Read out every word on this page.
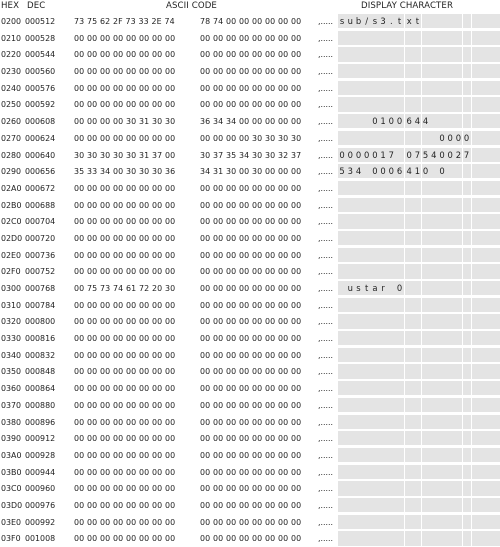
HEX DEC	ASCII CODE	DISPLAY CHARACTER
0200 000512	73 75 62 2F 73 33 2E 74	78 74 00 00 00 00 00 00	,..... s u b / s 3 . t x t
0210 000528	00 00 00 00 00 00 00 00	00 00 00 00 00 00 00 00	,.....
0220 000544	00 00 00 00 00 00 00 00	00 00 00 00 00 00 00 00	,.....
0230 000560	00 00 00 00 00 00 00 00	00 00 00 00 00 00 00 00	,.....
0240 000576	00 00 00 00 00 00 00 00	00 00 00 00 00 00 00 00	,.....
0250 000592	00 00 00 00 00 00 00 00	00 00 00 00 00 00 00 00	,.....
0260 000608	00 00 00 00 30 31 30 30	36 34 34 00 00 00 00 00	,.....	0 1 0 0 6 4 4
0270 000624	00 00 00 00 00 00 00 00	00 00 00 00 30 30 30 30	,.....	0 0 0 0
0280 000640	30 30 30 30 30 31 37 00	30 37 35 34 30 30 32 37	,..... 0 0 0 0 0 1 7 0 7 5 4 0 0 2 7
0290 000656	35 33 34 00 30 30 30 36	34 31 30 00 30 00 00 00	,..... 5 3 4 0 0 0 6 4 1 0 0
02A0 000672	00 00 00 00 00 00 00 00	00 00 00 00 00 00 00 00	,.....
02B0 000688	00 00 00 00 00 00 00 00	00 00 00 00 00 00 00 00	,.....
02C0 000704	00 00 00 00 00 00 00 00	00 00 00 00 00 00 00 00	,.....
02D0 000720	00 00 00 00 00 00 00 00	00 00 00 00 00 00 00 00	,.....
02E0 000736	00 00 00 00 00 00 00 00	00 00 00 00 00 00 00 00	,.....
02F0 000752	00 00 00 00 00 00 00 00	00 00 00 00 00 00 00 00	,.....
0300 000768	00 75 73 74 61 72 20 30	00 00 00 00 00 00 00 00	,.....	u s t a r 0
0310 000784	00 00 00 00 00 00 00 00	00 00 00 00 00 00 00 00	,.....
0320 000800	00 00 00 00 00 00 00 00	00 00 00 00 00 00 00 00	,.....
0330 000816	00 00 00 00 00 00 00 00	00 00 00 00 00 00 00 00	,.....
0340 000832	00 00 00 00 00 00 00 00	00 00 00 00 00 00 00 00	,.....
0350 000848	00 00 00 00 00 00 00 00	00 00 00 00 00 00 00 00	,.....
0360 000864	00 00 00 00 00 00 00 00	00 00 00 00 00 00 00 00	,.....
0370 000880	00 00 00 00 00 00 00 00	00 00 00 00 00 00 00 00	,.....
0380 000896	00 00 00 00 00 00 00 00	00 00 00 00 00 00 00 00	,.....
0390 000912	00 00 00 00 00 00 00 00	00 00 00 00 00 00 00 00	,.....
03A0 000928	00 00 00 00 00 00 00 00	00 00 00 00 00 00 00 00	,.....
03B0 000944	00 00 00 00 00 00 00 00	00 00 00 00 00 00 00 00	,.....
03C0 000960	00 00 00 00 00 00 00 00	00 00 00 00 00 00 00 00	,.....
03D0 000976	00 00 00 00 00 00 00 00	00 00 00 00 00 00 00 00	,.....
03E0 000992	00 00 00 00 00 00 00 00	00 00 00 00 00 00 00 00	,.....
03F0 001008	00 00 00 00 00 00 00 00	00 00 00 00 00 00 00 00	,.....
